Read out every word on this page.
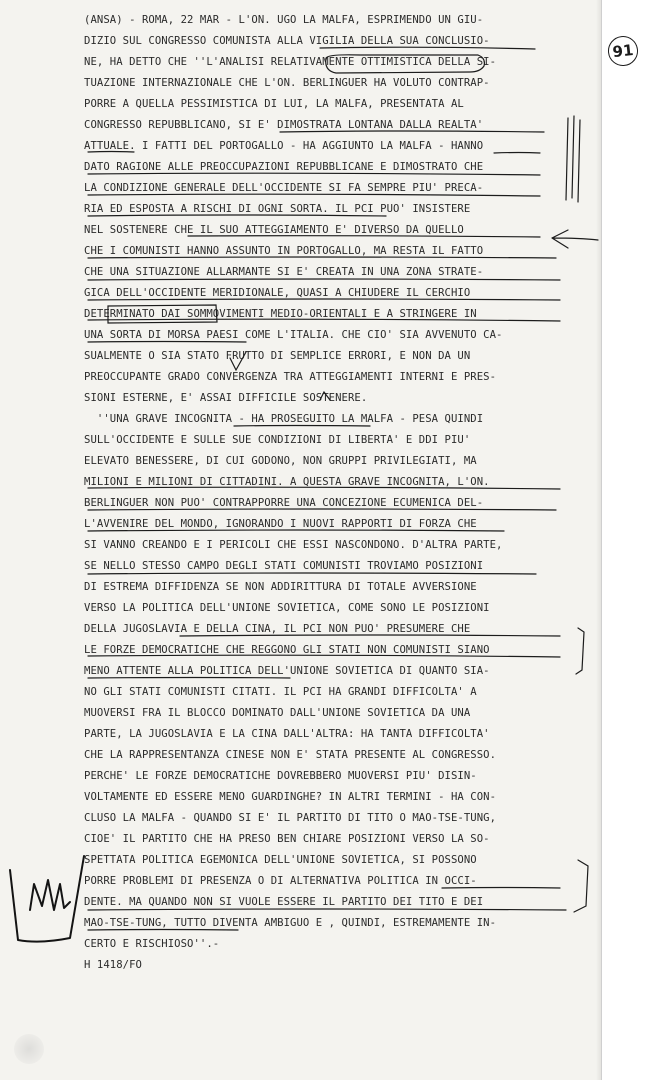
91
(ANSA) - ROMA, 22 MAR - L'ON. UGO LA MALFA, ESPRIMENDO UN GIU-
DIZIO SUL CONGRESSO COMUNISTA ALLA VIGILIA DELLA SUA CONCLUSIO-
NE, HA DETTO CHE ''L'ANALISI RELATIVAMENTE OTTIMISTICA DELLA SI-
TUAZIONE INTERNAZIONALE CHE L'ON. BERLINGUER HA VOLUTO CONTRAP-
PORRE A QUELLA PESSIMISTICA DI LUI, LA MALFA, PRESENTATA AL
CONGRESSO REPUBBLICANO, SI E' DIMOSTRATA LONTANA DALLA REALTA'
ATTUALE. I FATTI DEL PORTOGALLO - HA AGGIUNTO LA MALFA - HANNO
DATO RAGIONE ALLE PREOCCUPAZIONI REPUBBLICANE E DIMOSTRATO CHE
LA CONDIZIONE GENERALE DELL'OCCIDENTE SI FA SEMPRE PIU' PRECA-
RIA ED ESPOSTA A RISCHI DI OGNI SORTA. IL PCI PUO' INSISTERE
NEL SOSTENERE CHE IL SUO ATTEGGIAMENTO E' DIVERSO DA QUELLO
CHE I COMUNISTI HANNO ASSUNTO IN PORTOGALLO, MA RESTA IL FATTO
CHE UNA SITUAZIONE ALLARMANTE SI E' CREATA IN UNA ZONA STRATE-
GICA DELL'OCCIDENTE MERIDIONALE, QUASI A CHIUDERE IL CERCHIO
DETERMINATO DAI SOMMOVIMENTI MEDIO-ORIENTALI E A STRINGERE IN
UNA SORTA DI MORSA PAESI COME L'ITALIA. CHE CIO' SIA AVVENUTO CA-
SUALMENTE O SIA STATO FRUTTO DI SEMPLICE ERRORI, E NON DA UN
PREOCCUPANTE GRADO CONVERGENZA TRA ATTEGGIAMENTI INTERNI E PRES-
SIONI ESTERNE, E' ASSAI DIFFICILE SOSTENERE.
''UNA GRAVE INCOGNITA - HA PROSEGUITO LA MALFA - PESA QUINDI
SULL'OCCIDENTE E SULLE SUE CONDIZIONI DI LIBERTA' E DDI PIU'
ELEVATO BENESSERE, DI CUI GODONO, NON GRUPPI PRIVILEGIATI, MA
MILIONI E MILIONI DI CITTADINI. A QUESTA GRAVE INCOGNITA, L'ON.
BERLINGUER NON PUO' CONTRAPPORRE UNA CONCEZIONE ECUMENICA DEL-
L'AVVENIRE DEL MONDO, IGNORANDO I NUOVI RAPPORTI DI FORZA CHE
SI VANNO CREANDO E I PERICOLI CHE ESSI NASCONDONO. D'ALTRA PARTE,
SE NELLO STESSO CAMPO DEGLI STATI COMUNISTI TROVIAMO POSIZIONI
DI ESTREMA DIFFIDENZA SE NON ADDIRITTURA DI TOTALE AVVERSIONE
VERSO LA POLITICA DELL'UNIONE SOVIETICA, COME SONO LE POSIZIONI
DELLA JUGOSLAVIA E DELLA CINA, IL PCI NON PUO' PRESUMERE CHE
LE FORZE DEMOCRATICHE CHE REGGONO GLI STATI NON COMUNISTI SIANO
MENO ATTENTE ALLA POLITICA DELL'UNIONE SOVIETICA DI QUANTO SIA-
NO GLI STATI COMUNISTI CITATI. IL PCI HA GRANDI DIFFICOLTA' A
MUOVERSI FRA IL BLOCCO DOMINATO DALL'UNIONE SOVIETICA DA UNA
PARTE, LA JUGOSLAVIA E LA CINA DALL'ALTRA: HA TANTA DIFFICOLTA'
CHE LA RAPPRESENTANZA CINESE NON E' STATA PRESENTE AL CONGRESSO.
PERCHE' LE FORZE DEMOCRATICHE DOVREBBERO MUOVERSI PIU' DISIN-
VOLTAMENTE ED ESSERE MENO GUARDINGHE? IN ALTRI TERMINI - HA CON-
CLUSO LA MALFA - QUANDO SI E' IL PARTITO DI TITO O MAO-TSE-TUNG,
CIOE' IL PARTITO CHE HA PRESO BEN CHIARE POSIZIONI VERSO LA SO-
SPETTATA POLITICA EGEMONICA DELL'UNIONE SOVIETICA, SI POSSONO
PORRE PROBLEMI DI PRESENZA O DI ALTERNATIVA POLITICA IN OCCI-
DENTE. MA QUANDO NON SI VUOLE ESSERE IL PARTITO DEI TITO E DEI
MAO-TSE-TUNG, TUTTO DIVENTA AMBIGUO E , QUINDI, ESTREMAMENTE IN-
CERTO E RISCHIOSO''.-
H 1418/FO
